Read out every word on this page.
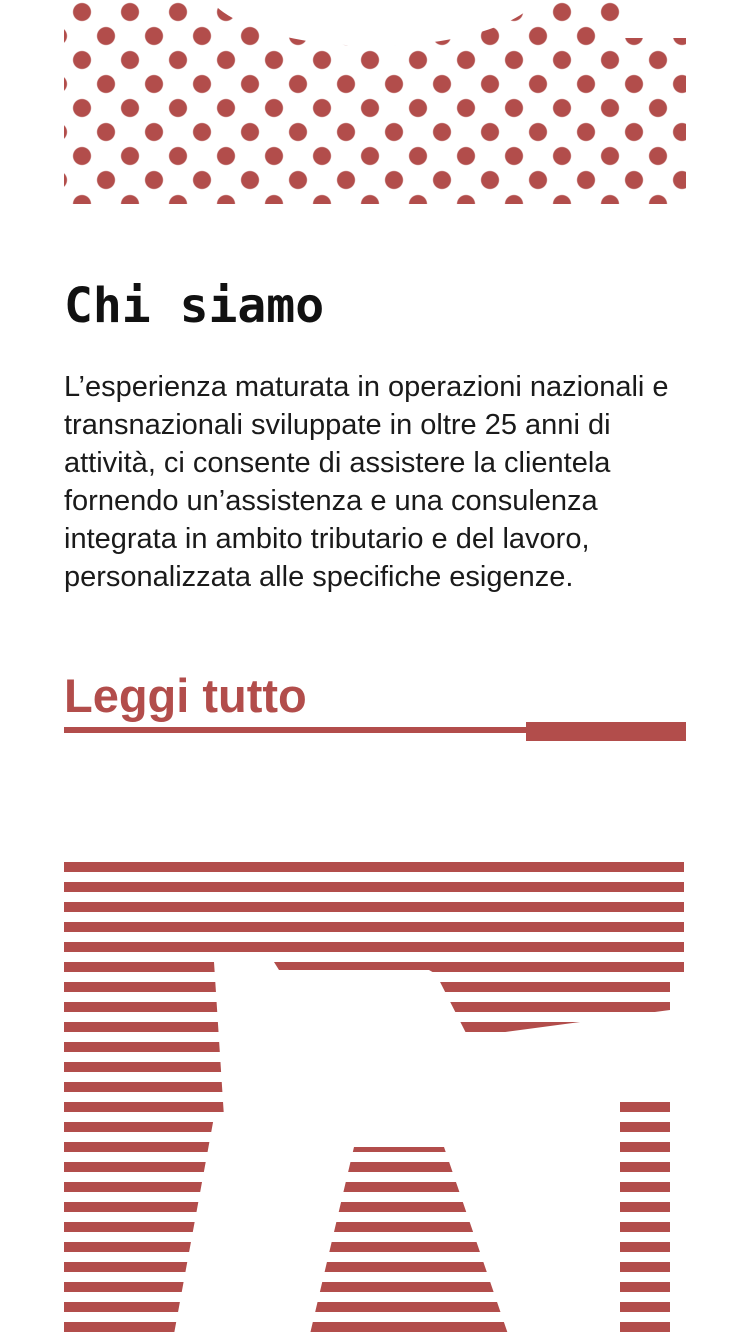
Chi siamo

L’esperienza maturata in operazioni nazionali e transnazionali sviluppate in oltre 25 anni di attività, ci consente di assistere la clientela fornendo un’assistenza e una consulenza integrata in ambito tributario e del lavoro, personalizzata alle specifiche esigenze.

Leggi tutto
